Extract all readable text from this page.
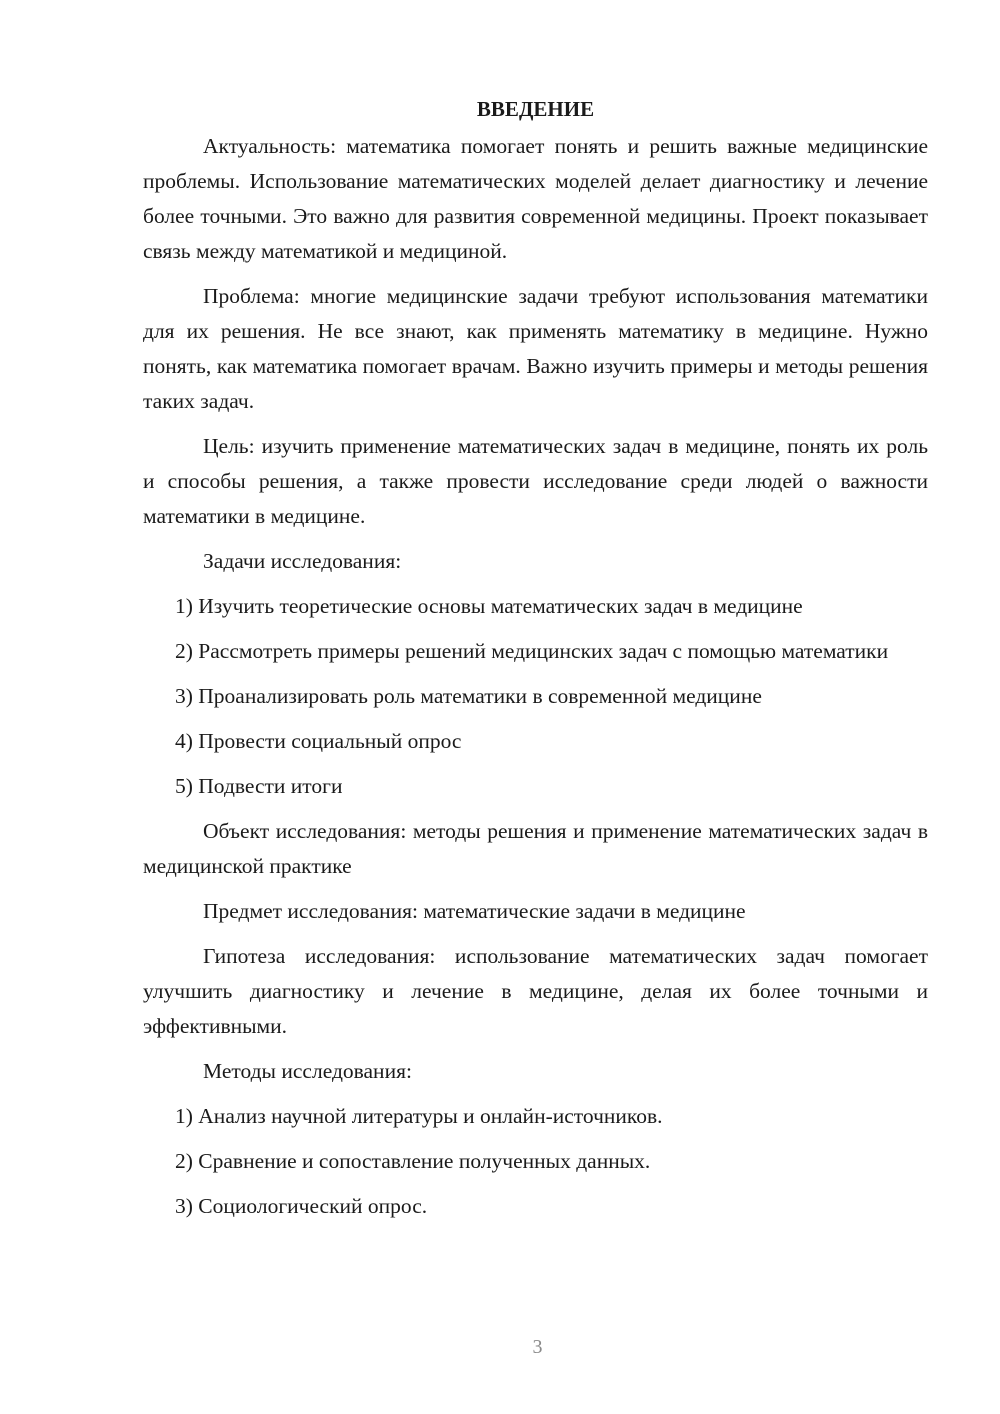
ВВЕДЕНИЕ

Актуальность: математика помогает понять и решить важные медицинские проблемы. Использование математических моделей делает диагностику и лечение более точными. Это важно для развития современной медицины. Проект показывает связь между математикой и медициной.

Проблема: многие медицинские задачи требуют использования математики для их решения. Не все знают, как применять математику в медицине. Нужно понять, как математика помогает врачам. Важно изучить примеры и методы решения таких задач.

Цель: изучить применение математических задач в медицине, понять их роль и способы решения, а также провести исследование среди людей о важности математики в медицине.

Задачи исследования:

1) Изучить теоретические основы математических задач в медицине

2) Рассмотреть примеры решений медицинских задач с помощью математики

3) Проанализировать роль математики в современной медицине

4) Провести социальный опрос

5) Подвести итоги

Объект исследования: методы решения и применение математических задач в медицинской практике

Предмет исследования: математические задачи в медицине

Гипотеза исследования: использование математических задач помогает улучшить диагностику и лечение в медицине, делая их более точными и эффективными.

Методы исследования:

1) Анализ научной литературы и онлайн-источников.

2) Сравнение и сопоставление полученных данных.

3) Социологический опрос.

3
